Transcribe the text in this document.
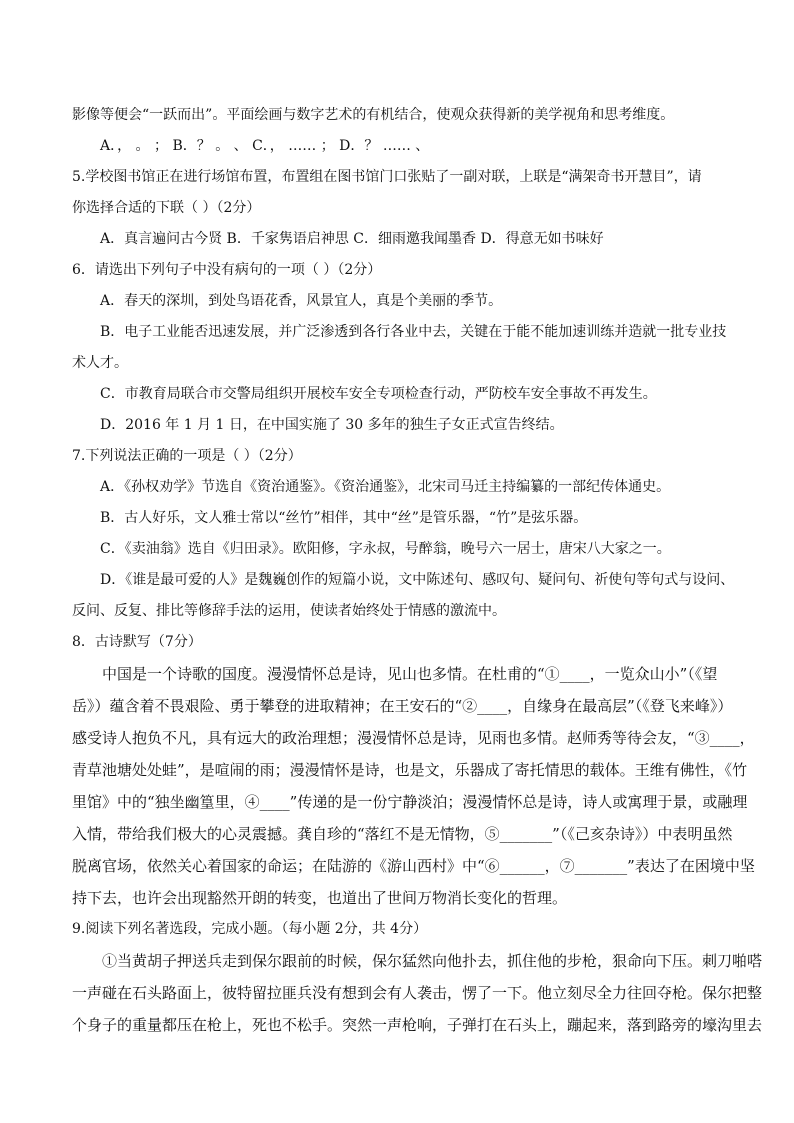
影像等便会“一跃而出”。平面绘画与数字艺术的有机结合，使观众获得新的美学视角和思考维度。
A．， 。 ； B．？ 。 、 C．， …… ； D．？ …… 、
5.学校图书馆正在进行场馆布置，布置组在图书馆门口张贴了一副对联，上联是“满架奇书开慧目”，请
你选择合适的下联（ ）（2分）
A．真言遍问古今贤 B．千家隽语启神思 C．细雨邀我闻墨香 D．得意无如书味好
6．请选出下列句子中没有病句的一项（ ）（2分）
A．春天的深圳，到处鸟语花香，风景宜人，真是个美丽的季节。
B．电子工业能否迅速发展，并广泛渗透到各行各业中去，关键在于能不能加速训练并造就一批专业技
术人才。
C．市教育局联合市交警局组织开展校车安全专项检查行动，严防校车安全事故不再发生。
D．2016 年 1 月 1 日，在中国实施了 30 多年的独生子女正式宣告终结。
7.下列说法正确的一项是（ ）（2分）
A．《孙权劝学》节选自《资治通鉴》。《资治通鉴》，北宋司马迁主持编纂的一部纪传体通史。
B．古人好乐，文人雅士常以“丝竹”相伴，其中“丝”是管乐器，“竹”是弦乐器。
C．《卖油翁》选自《归田录》。欧阳修，字永叔，号醉翁，晚号六一居士，唐宋八大家之一。
D．《谁是最可爱的人》是魏巍创作的短篇小说，文中陈述句、感叹句、疑问句、祈使句等句式与设问、
反问、反复、排比等修辞手法的运用，使读者始终处于情感的激流中。
8．古诗默写（7分）
中国是一个诗歌的国度。漫漫情怀总是诗，见山也多情。在杜甫的“①____，一览众山小”（《望
岳》）蕴含着不畏艰险、勇于攀登的进取精神；在王安石的“②____，自缘身在最高层”（《登飞来峰》）
感受诗人抱负不凡，具有远大的政治理想；漫漫情怀总是诗，见雨也多情。赵师秀等待会友，“③____，
青草池塘处处蛙”，是喧闹的雨；漫漫情怀是诗，也是文，乐器成了寄托情思的载体。王维有佛性，《竹
里馆》中的“独坐幽篁里，④____”传递的是一份宁静淡泊；漫漫情怀总是诗，诗人或寓理于景，或融理
入情，带给我们极大的心灵震撼。龚自珍的“落红不是无情物，⑤_______”（《己亥杂诗》）中表明虽然
脱离官场，依然关心着国家的命运；在陆游的《游山西村》中“⑥______，⑦_______”表达了在困境中坚
持下去，也许会出现豁然开朗的转变，也道出了世间万物消长变化的哲理。
9.阅读下列名著选段，完成小题。（每小题 2分，共 4分）
①当黄胡子押送兵走到保尔跟前的时候，保尔猛然向他扑去，抓住他的步枪，狠命向下压。刺刀啪嗒
一声碰在石头路面上，彼特留拉匪兵没有想到会有人袭击，愣了一下。他立刻尽全力往回夺枪。保尔把整
个身子的重量都压在枪上，死也不松手。突然一声枪响，子弹打在石头上，蹦起来，落到路旁的壕沟里去
